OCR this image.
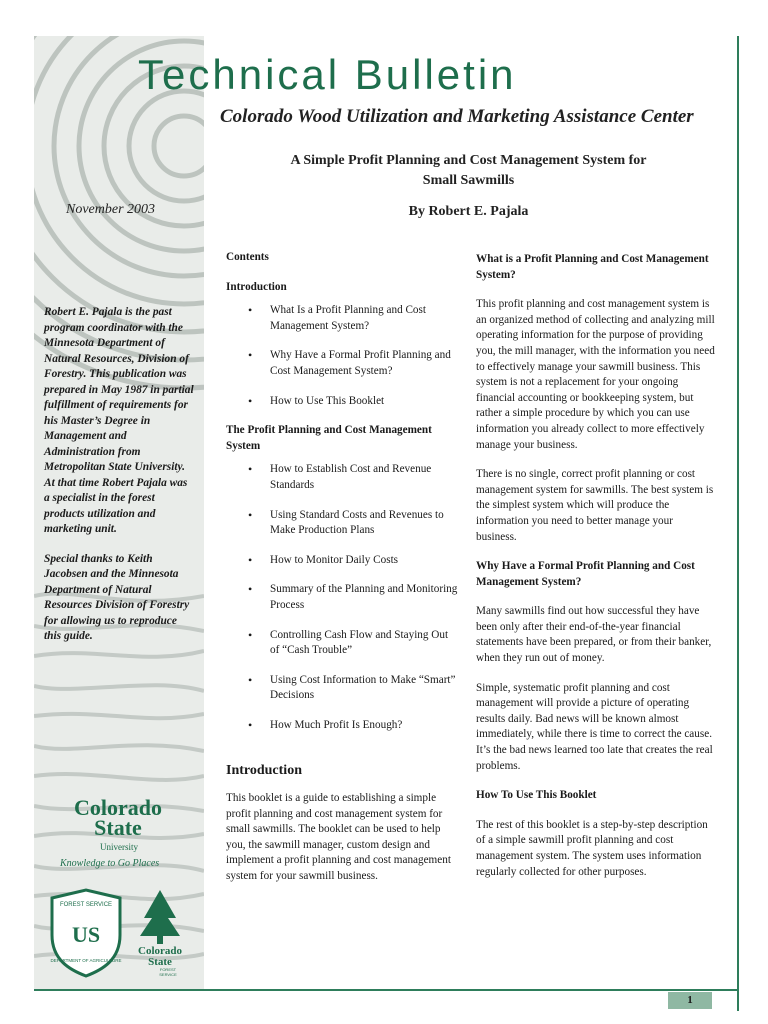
Technical Bulletin
Colorado Wood Utilization and Marketing Assistance Center
November 2003
A Simple Profit Planning and Cost Management System for
Small Sawmills
By Robert E. Pajala

Robert E. Pajala is the past program coordinator with the Minnesota Department of Natural Resources, Division of Forestry. This publication was prepared in May 1987 in partial fulfillment of requirements for his Master’s Degree in Management and Administration from Metropolitan State University. At that time Robert Pajala was a specialist in the forest products utilization and marketing unit.

Special thanks to Keith Jacobsen and the Minnesota Department of Natural Resources Division of Forestry for allowing us to reproduce this guide.

Contents

Introduction

• What Is a Profit Planning and Cost Management System?
• Why Have a Formal Profit Planning and Cost Management System?
• How to Use This Booklet

The Profit Planning and Cost Management System

• How to Establish Cost and Revenue Standards
• Using Standard Costs and Revenues to Make Production Plans
• How to Monitor Daily Costs
• Summary of the Planning and Monitoring Process
• Controlling Cash Flow and Staying Out of “Cash Trouble”
• Using Cost Information to Make “Smart” Decisions
• How Much Profit Is Enough?

Introduction

This booklet is a guide to establishing a simple profit planning and cost management system for small sawmills. The booklet can be used to help you, the sawmill manager, custom design and implement a profit planning and cost management system for your sawmill business.

What is a Profit Planning and Cost Management System?

This profit planning and cost management system is an organized method of collecting and analyzing mill operating information for the purpose of providing you, the mill manager, with the information you need to effectively manage your sawmill business. This system is not a replacement for your ongoing financial accounting or bookkeeping system, but rather a simple procedure by which you can use information you already collect to more effectively manage your business.

There is no single, correct profit planning or cost management system for sawmills. The best system is the simplest system which will produce the information you need to better manage your business.

Why Have a Formal Profit Planning and Cost Management System?

Many sawmills find out how successful they have been only after their end-of-the-year financial statements have been prepared, or from their banker, when they run out of money.

Simple, systematic profit planning and cost management will provide a picture of operating results daily. Bad news will be known almost immediately, while there is time to correct the cause. It’s the bad news learned too late that creates the real problems.

How To Use This Booklet

The rest of this booklet is a step-by-step description of a simple sawmill profit planning and cost management system. The system uses information regularly collected for other purposes.

Colorado
State
University
Knowledge to Go Places
US
FOREST SERVICE
DEPARTMENT OF AGRICULTURE
Colorado
State
FOREST
SERVICE
1
